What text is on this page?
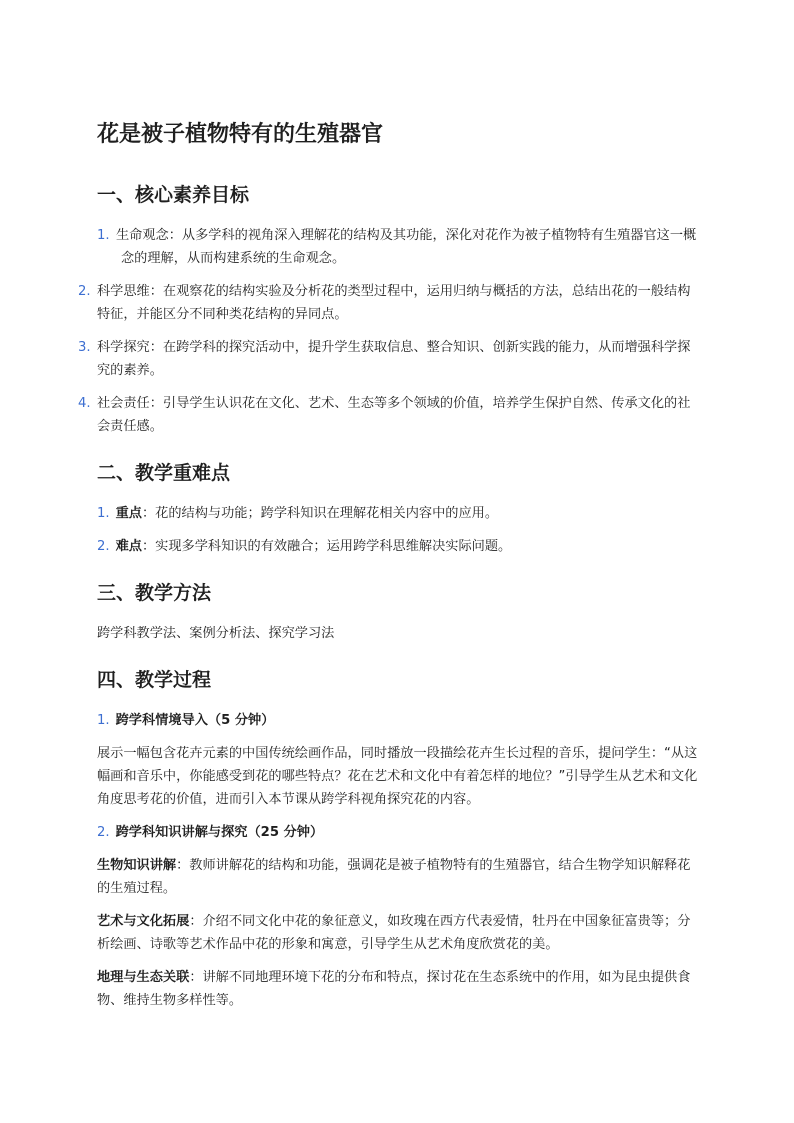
花是被子植物特有的生殖器官
一、核心素养目标
1. 生命观念：从多学科的视角深入理解花的结构及其功能，深化对花作为被子植物特有生殖器官这一概念的理解，从而构建系统的生命观念。
2. 科学思维：在观察花的结构实验及分析花的类型过程中，运用归纳与概括的方法，总结出花的一般结构特征，并能区分不同种类花结构的异同点。
3. 科学探究：在跨学科的探究活动中，提升学生获取信息、整合知识、创新实践的能力，从而增强科学探究的素养。
4. 社会责任：引导学生认识花在文化、艺术、生态等多个领域的价值，培养学生保护自然、传承文化的社会责任感。
二、教学重难点
1. 重点：花的结构与功能；跨学科知识在理解花相关内容中的应用。
2. 难点：实现多学科知识的有效融合；运用跨学科思维解决实际问题。
三、教学方法
跨学科教学法、案例分析法、探究学习法
四、教学过程
1. 跨学科情境导入（5 分钟）
展示一幅包含花卉元素的中国传统绘画作品，同时播放一段描绘花卉生长过程的音乐，提问学生：“从这幅画和音乐中，你能感受到花的哪些特点？花在艺术和文化中有着怎样的地位？”引导学生从艺术和文化角度思考花的价值，进而引入本节课从跨学科视角探究花的内容。
2. 跨学科知识讲解与探究（25 分钟）
生物知识讲解：教师讲解花的结构和功能，强调花是被子植物特有的生殖器官，结合生物学知识解释花的生殖过程。
艺术与文化拓展：介绍不同文化中花的象征意义，如玫瑰在西方代表爱情，牡丹在中国象征富贵等；分析绘画、诗歌等艺术作品中花的形象和寓意，引导学生从艺术角度欣赏花的美。
地理与生态关联：讲解不同地理环境下花的分布和特点，探讨花在生态系统中的作用，如为昆虫提供食物、维持生物多样性等。
